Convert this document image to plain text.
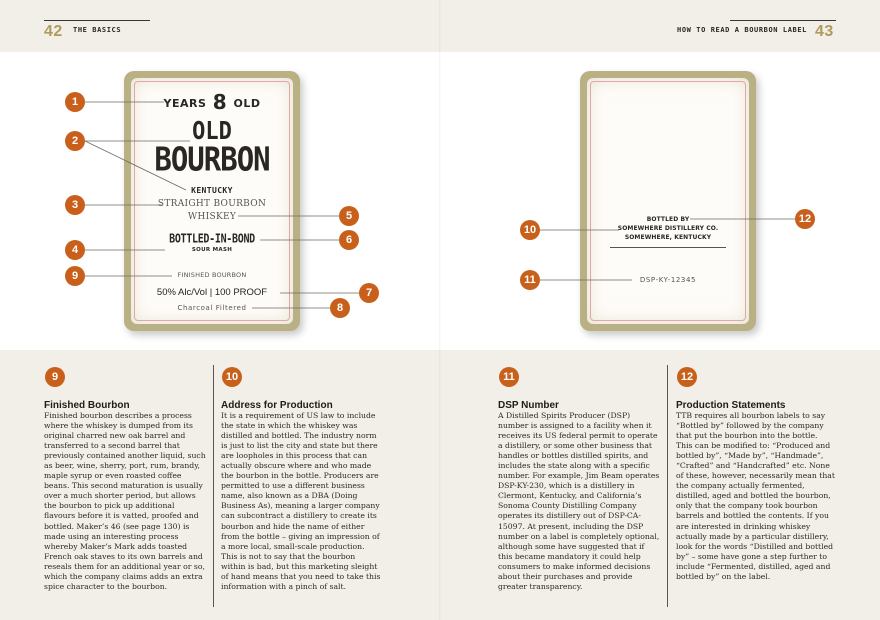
42 THE BASICS	HOW TO READ A BOURBON LABEL 43
YEARS 8 OLD
OLD
BOURBON
KENTUCKY
STRAIGHT BOURBON
WHISKEY
BOTTLED-IN-BOND
SOUR MASH
FINISHED BOURBON
50% Alc/Vol | 100 PROOF
Charcoal Filtered
BOTTLED BY
SOMEWHERE DISTILLERY CO.
SOMEWHERE, KENTUCKY
DSP-KY-12345
1
2
3
4
5
6
7
8
9
10
11
12
9
Finished Bourbon
Finished bourbon describes a process where the whiskey is dumped from its original charred new oak barrel and transferred to a second barrel that previously contained another liquid, such as beer, wine, sherry, port, rum, brandy, maple syrup or even roasted coffee beans. This second maturation is usually over a much shorter period, but allows the bourbon to pick up additional flavours before it is vatted, proofed and bottled. Maker’s 46 (see page 130) is made using an interesting process whereby Maker’s Mark adds toasted French oak staves to its own barrels and reseals them for an additional year or so, which the company claims adds an extra spice character to the bourbon.
10
Address for Production
It is a requirement of US law to include the state in which the whiskey was distilled and bottled. The industry norm is just to list the city and state but there are loopholes in this process that can actually obscure where and who made the bourbon in the bottle. Producers are permitted to use a different business name, also known as a DBA (Doing Business As), meaning a larger company can subcontract a distillery to create its bourbon and hide the name of either from the bottle – giving an impression of a more local, small-scale production. This is not to say that the bourbon within is bad, but this marketing sleight of hand means that you need to take this information with a pinch of salt.
11
DSP Number
A Distilled Spirits Producer (DSP) number is assigned to a facility when it receives its US federal permit to operate a distillery, or some other business that handles or bottles distilled spirits, and includes the state along with a specific number. For example, Jim Beam operates DSP-KY-230, which is a distillery in Clermont, Kentucky, and California’s Sonoma County Distilling Company operates its distillery out of DSP-CA-15097. At present, including the DSP number on a label is completely optional, although some have suggested that if this became mandatory it could help consumers to make informed decisions about their purchases and provide greater transparency.
12
Production Statements
TTB requires all bourbon labels to say “Bottled by” followed by the company that put the bourbon into the bottle. This can be modified to: “Produced and bottled by”, “Made by”, “Handmade”, “Crafted” and “Handcrafted” etc. None of these, however, necessarily mean that the company actually fermented, distilled, aged and bottled the bourbon, only that the company took bourbon barrels and bottled the contents. If you are interested in drinking whiskey actually made by a particular distillery, look for the words “Distilled and bottled by” – some have gone a step further to include “Fermented, distilled, aged and bottled by” on the label.
